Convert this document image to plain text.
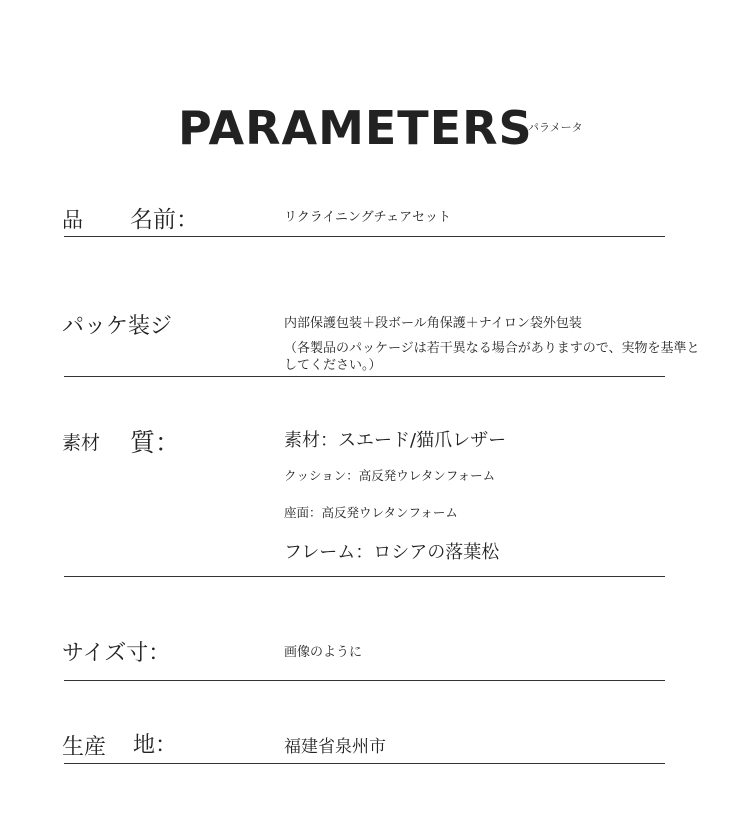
PARAMETERS
パラメータ
品 名前：	リクライニングチェアセット
パッケ装ジ	内部保護包装＋段ボール角保護＋ナイロン袋外包装
（各製品のパッケージは若干異なる場合がありますので、実物を基準と
してください。）
素材 質：	素材：スエード/猫爪レザー
クッション：高反発ウレタンフォーム
座面：高反発ウレタンフォーム
フレーム：ロシアの落葉松
サイズ寸：	画像のように
生産 地：	福建省泉州市
